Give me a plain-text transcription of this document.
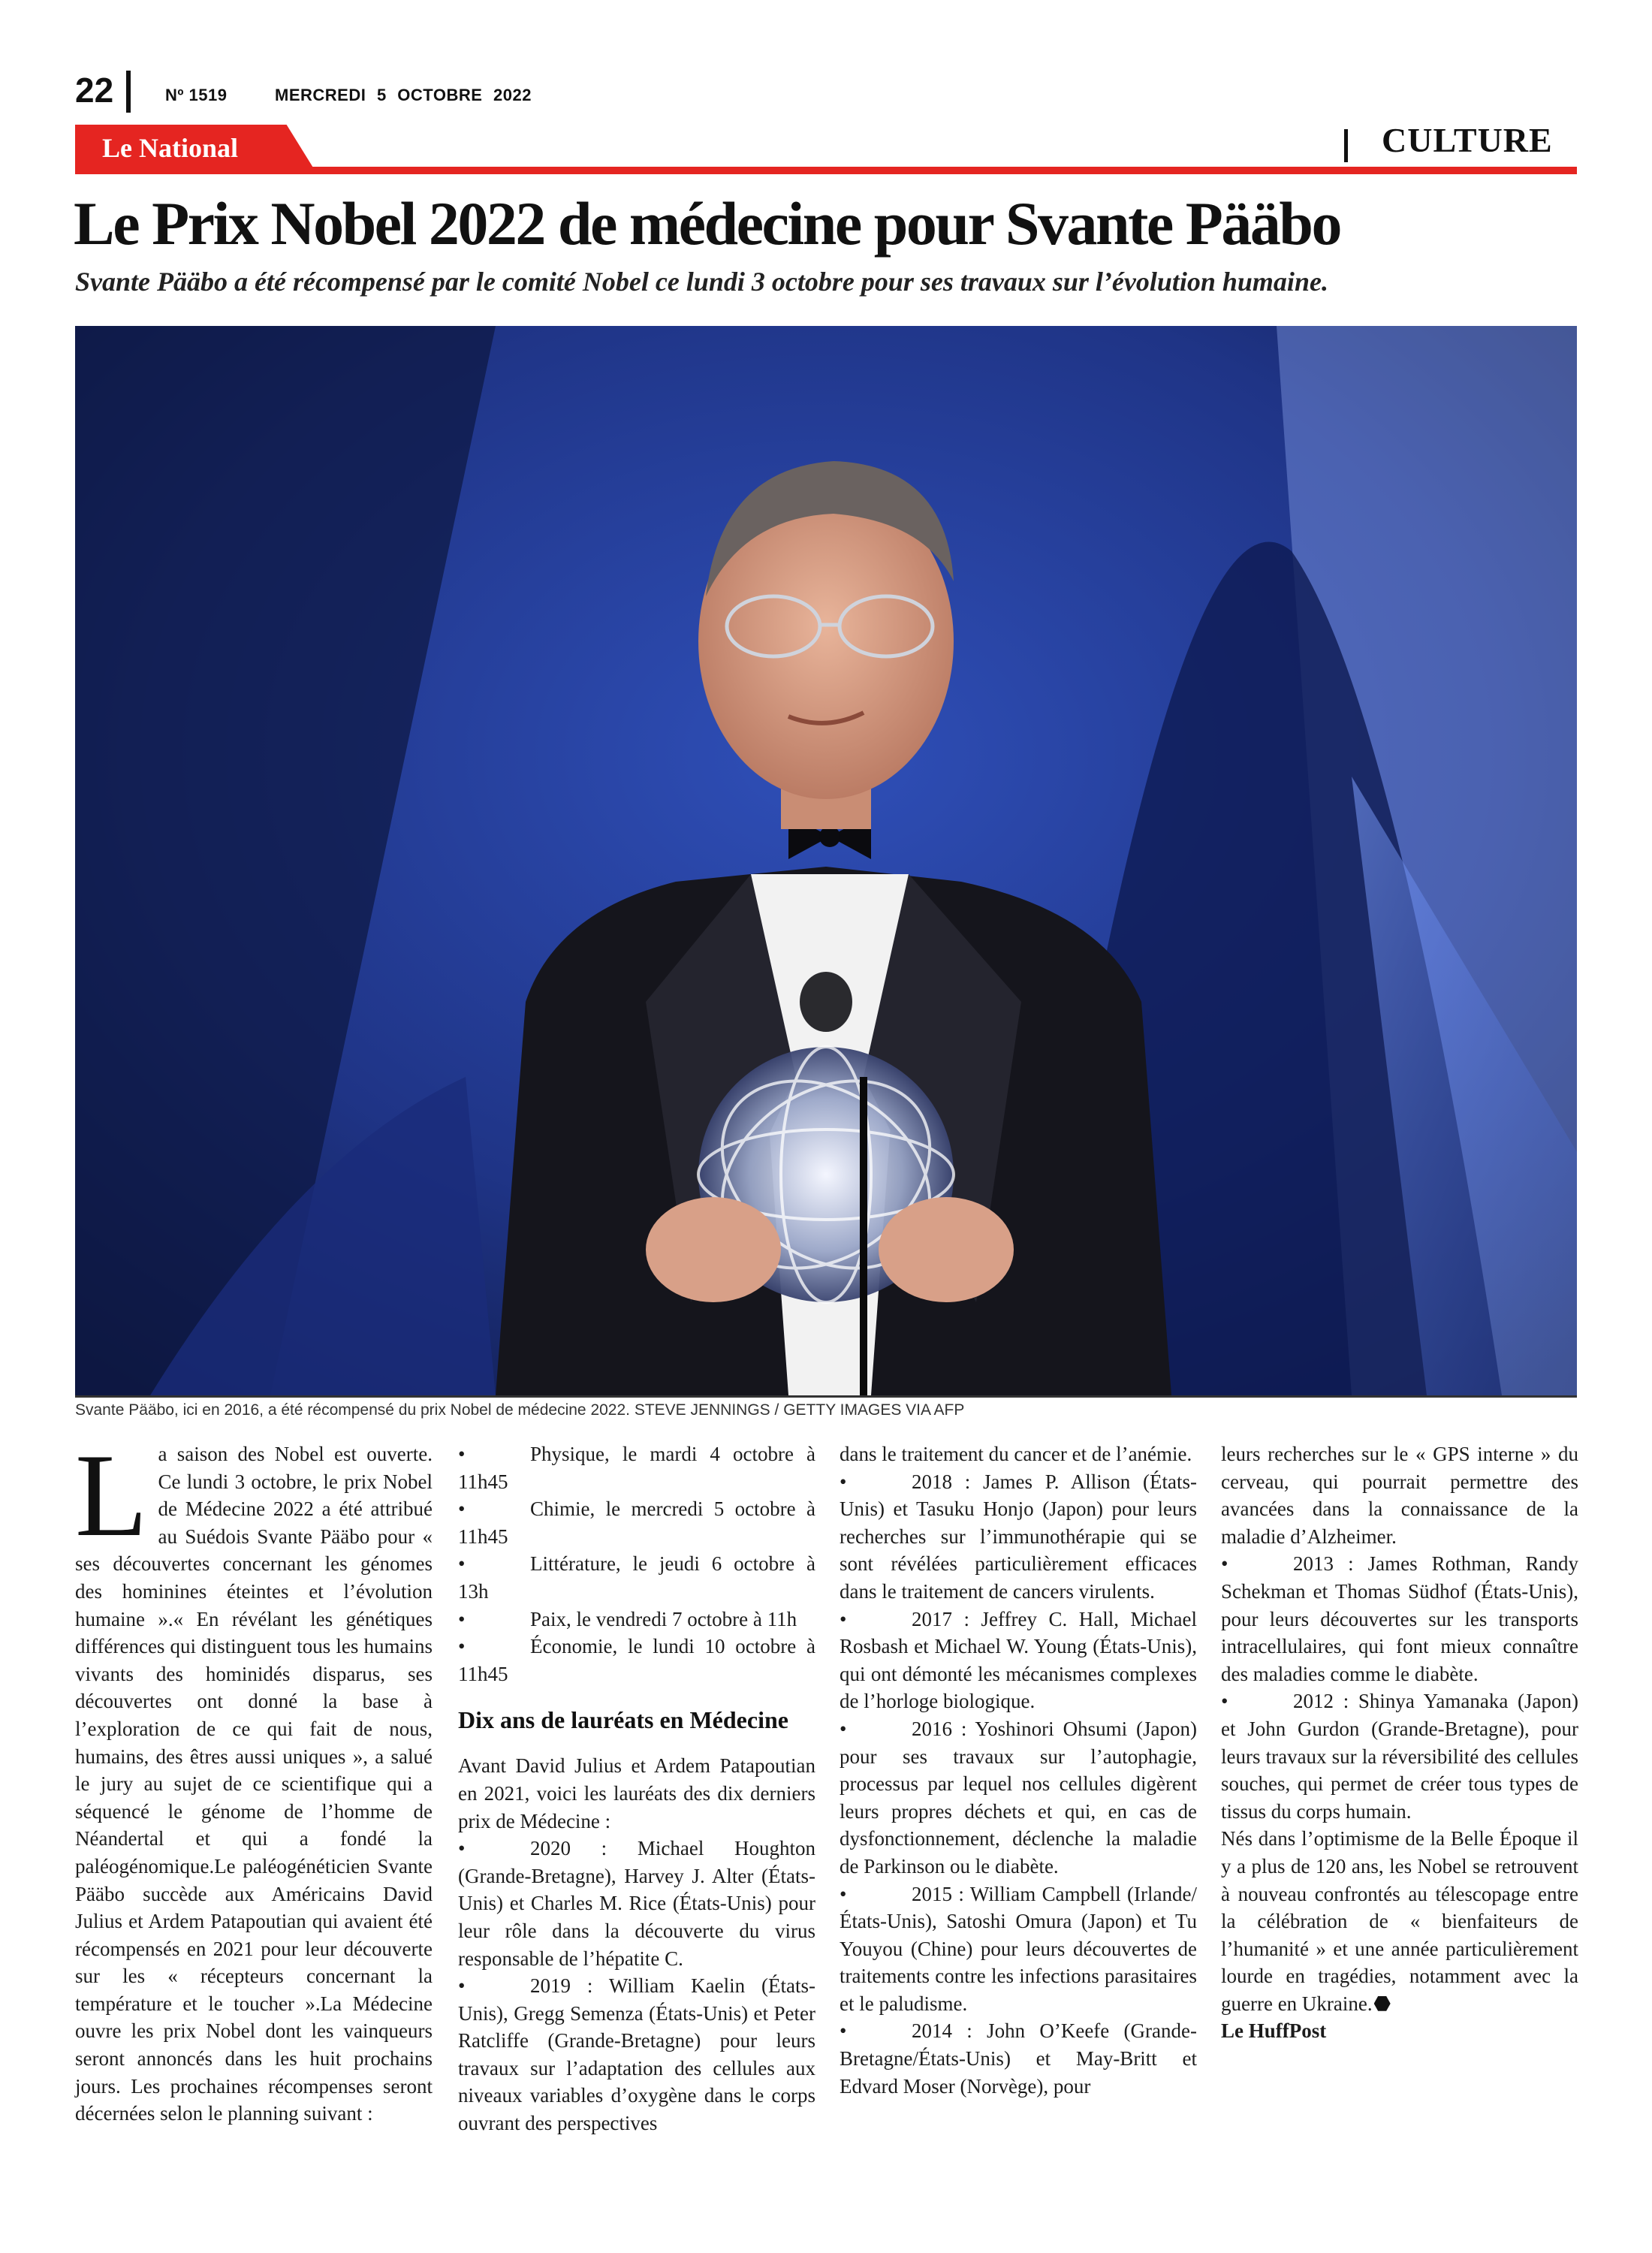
22	Nº 1519	MERCREDI 5 OCTOBRE 2022
Le National	CULTURE
Le Prix Nobel 2022 de médecine pour Svante Pääbo
Svante Pääbo a été récompensé par le comité Nobel ce lundi 3 octobre pour ses travaux sur l’évolution humaine.
Svante Pääbo, ici en 2016, a été récompensé du prix Nobel de médecine 2022. STEVE JENNINGS / GETTY IMAGES VIA AFP

L a saison des Nobel est ouverte. Ce lundi 3 octobre, le prix Nobel de Médecine 2022 a été attribué au Suédois Svante Pääbo pour « ses découvertes concernant les génomes des hominines éteintes et l’évolution humaine ».« En révélant les génétiques différences qui distinguent tous les humains vivants des hominidés disparus, ses découvertes ont donné la base à l’exploration de ce qui fait de nous, humains, des êtres aussi uniques », a salué le jury au sujet de ce scientifique qui a séquencé le génome de l’homme de Néandertal et qui a fondé la paléogénomique.Le paléogénéticien Svante Pääbo succède aux Américains David Julius et Ardem Patapoutian qui avaient été récompensés en 2021 pour leur découverte sur les « récepteurs concernant la température et le toucher ».La Médecine ouvre les prix Nobel dont les vainqueurs seront annoncés dans les huit prochains jours. Les prochaines récompenses seront décernées selon le planning suivant :

•	Physique, le mardi 4 octobre à 11h45

•	Chimie, le mercredi 5 octobre à 11h45

•	Littérature, le jeudi 6 octobre à 13h

•	Paix, le vendredi 7 octobre à 11h

•	Économie, le lundi 10 octobre à 11h45

Dix ans de lauréats en Médecine

Avant David Julius et Ardem Patapoutian en 2021, voici les lauréats des dix derniers prix de Médecine :

•	2020 : Michael Houghton (Grande-Bretagne), Harvey J. Alter (États-Unis) et Charles M. Rice (États-Unis) pour leur rôle dans la découverte du virus responsable de l’hépatite C.

•	2019 : William Kaelin (États-Unis), Gregg Semenza (États-Unis) et Peter Ratcliffe (Grande-Bretagne) pour leurs travaux sur l’adaptation des cellules aux niveaux variables d’oxygène dans le corps ouvrant des perspectives

dans le traitement du cancer et de l’anémie.

•	2018 : James P. Allison (États-Unis) et Tasuku Honjo (Japon) pour leurs recherches sur l’immunothérapie qui se sont révélées particulièrement efficaces dans le traitement de cancers virulents.

•	2017 : Jeffrey C. Hall, Michael Rosbash et Michael W. Young (États-Unis), qui ont démonté les mécanismes complexes de l’horloge biologique.

•	2016 : Yoshinori Ohsumi (Japon) pour ses travaux sur l’autophagie, processus par lequel nos cellules digèrent leurs propres déchets et qui, en cas de dysfonctionnement, déclenche la maladie de Parkinson ou le diabète.

•	2015 : William Campbell (Irlande/États-Unis), Satoshi Omura (Japon) et Tu Youyou (Chine) pour leurs découvertes de traitements contre les infections parasitaires et le paludisme.

•	2014 : John O’Keefe (Grande-Bretagne/États-Unis) et May-Britt et Edvard Moser (Norvège), pour

leurs recherches sur le « GPS interne » du cerveau, qui pourrait permettre des avancées dans la connaissance de la maladie d’Alzheimer.

•	2013 : James Rothman, Randy Schekman et Thomas Südhof (États-Unis), pour leurs découvertes sur les transports intracellulaires, qui font mieux connaître des maladies comme le diabète.

•	2012 : Shinya Yamanaka (Japon) et John Gurdon (Grande-Bretagne), pour leurs travaux sur la réversibilité des cellules souches, qui permet de créer tous types de tissus du corps humain.

Nés dans l’optimisme de la Belle Époque il y a plus de 120 ans, les Nobel se retrouvent à nouveau confrontés au télescopage entre la célébration de « bienfaiteurs de l’humanité » et une année particulièrement lourde en tragédies, notamment avec la guerre en Ukraine.

Le HuffPost
